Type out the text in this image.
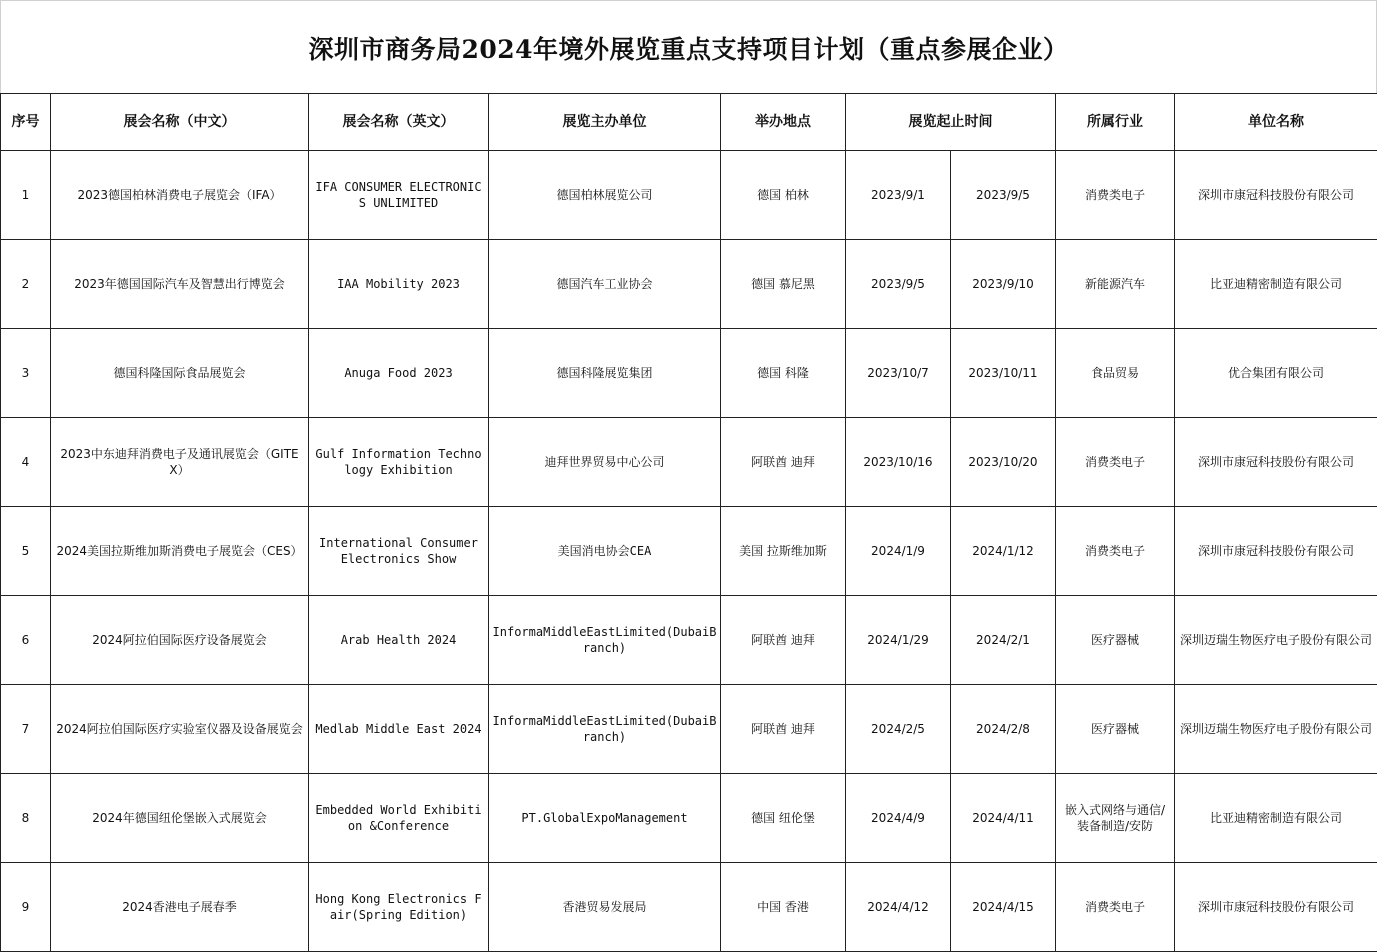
深圳市商务局2024年境外展览重点支持项目计划（重点参展企业）
序号	展会名称（中文）	展会名称（英文）	展览主办单位	举办地点	展览起止时间		所属行业	单位名称
1	2023德国柏林消费电子展览会（IFA）	IFA CONSUMER ELECTRONICS UNLIMITED	德国柏林展览公司	德国 柏林	2023/9/1	2023/9/5	消费类电子	深圳市康冠科技股份有限公司
2	2023年德国国际汽车及智慧出行博览会	IAA Mobility 2023	德国汽车工业协会	德国 慕尼黑	2023/9/5	2023/9/10	新能源汽车	比亚迪精密制造有限公司
3	德国科隆国际食品展览会	Anuga Food 2023	德国科隆展览集团	德国 科隆	2023/10/7	2023/10/11	食品贸易	优合集团有限公司
4	2023中东迪拜消费电子及通讯展览会（GITEX）	Gulf Information Technology Exhibition	迪拜世界贸易中心公司	阿联酋 迪拜	2023/10/16	2023/10/20	消费类电子	深圳市康冠科技股份有限公司
5	2024美国拉斯维加斯消费电子展览会（CES）	International Consumer Electronics Show	美国消电协会CEA	美国 拉斯维加斯	2024/1/9	2024/1/12	消费类电子	深圳市康冠科技股份有限公司
6	2024阿拉伯国际医疗设备展览会	Arab Health 2024	InformaMiddleEastLimited(DubaiBranch)	阿联酋 迪拜	2024/1/29	2024/2/1	医疗器械	深圳迈瑞生物医疗电子股份有限公司
7	2024阿拉伯国际医疗实验室仪器及设备展览会	Medlab Middle East 2024	InformaMiddleEastLimited(DubaiBranch)	阿联酋 迪拜	2024/2/5	2024/2/8	医疗器械	深圳迈瑞生物医疗电子股份有限公司
8	2024年德国纽伦堡嵌入式展览会	Embedded World Exhibition &Conference	PT.GlobalExpoManagement	德国 纽伦堡	2024/4/9	2024/4/11	嵌入式网络与通信/装备制造/安防	比亚迪精密制造有限公司
9	2024香港电子展春季	Hong Kong Electronics Fair(Spring Edition)	香港贸易发展局	中国 香港	2024/4/12	2024/4/15	消费类电子	深圳市康冠科技股份有限公司
